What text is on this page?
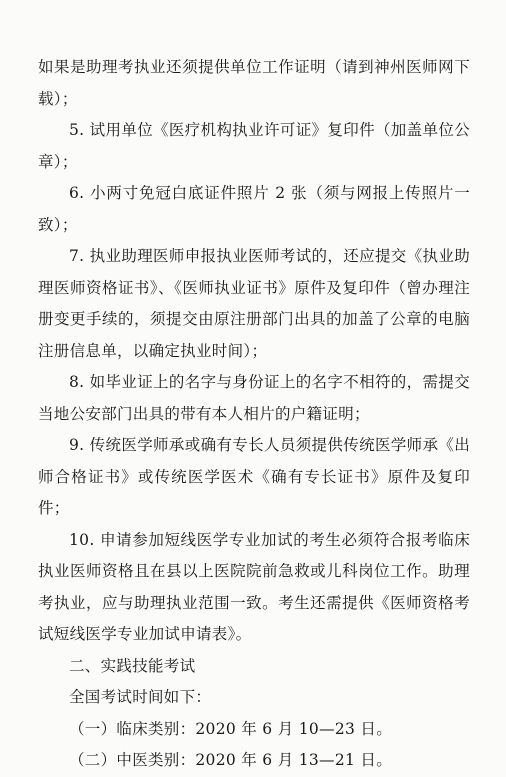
如果是助理考执业还须提供单位工作证明（请到神州医师网下载）；

5. 试用单位《医疗机构执业许可证》复印件（加盖单位公章）；

6. 小两寸免冠白底证件照片 2 张（须与网报上传照片一致）；

7. 执业助理医师申报执业医师考试的，还应提交《执业助理医师资格证书》、《医师执业证书》原件及复印件（曾办理注册变更手续的，须提交由原注册部门出具的加盖了公章的电脑注册信息单，以确定执业时间）；

8. 如毕业证上的名字与身份证上的名字不相符的，需提交当地公安部门出具的带有本人相片的户籍证明；

9. 传统医学师承或确有专长人员须提供传统医学师承《出师合格证书》或传统医学医术《确有专长证书》原件及复印件；

10. 申请参加短线医学专业加试的考生必须符合报考临床执业医师资格且在县以上医院院前急救或儿科岗位工作。助理考执业，应与助理执业范围一致。考生还需提供《医师资格考试短线医学专业加试申请表》。

二、实践技能考试

全国考试时间如下：

（一）临床类别：2020 年 6 月 10—23 日。

（二）中医类别：2020 年 6 月 13—21 日。
